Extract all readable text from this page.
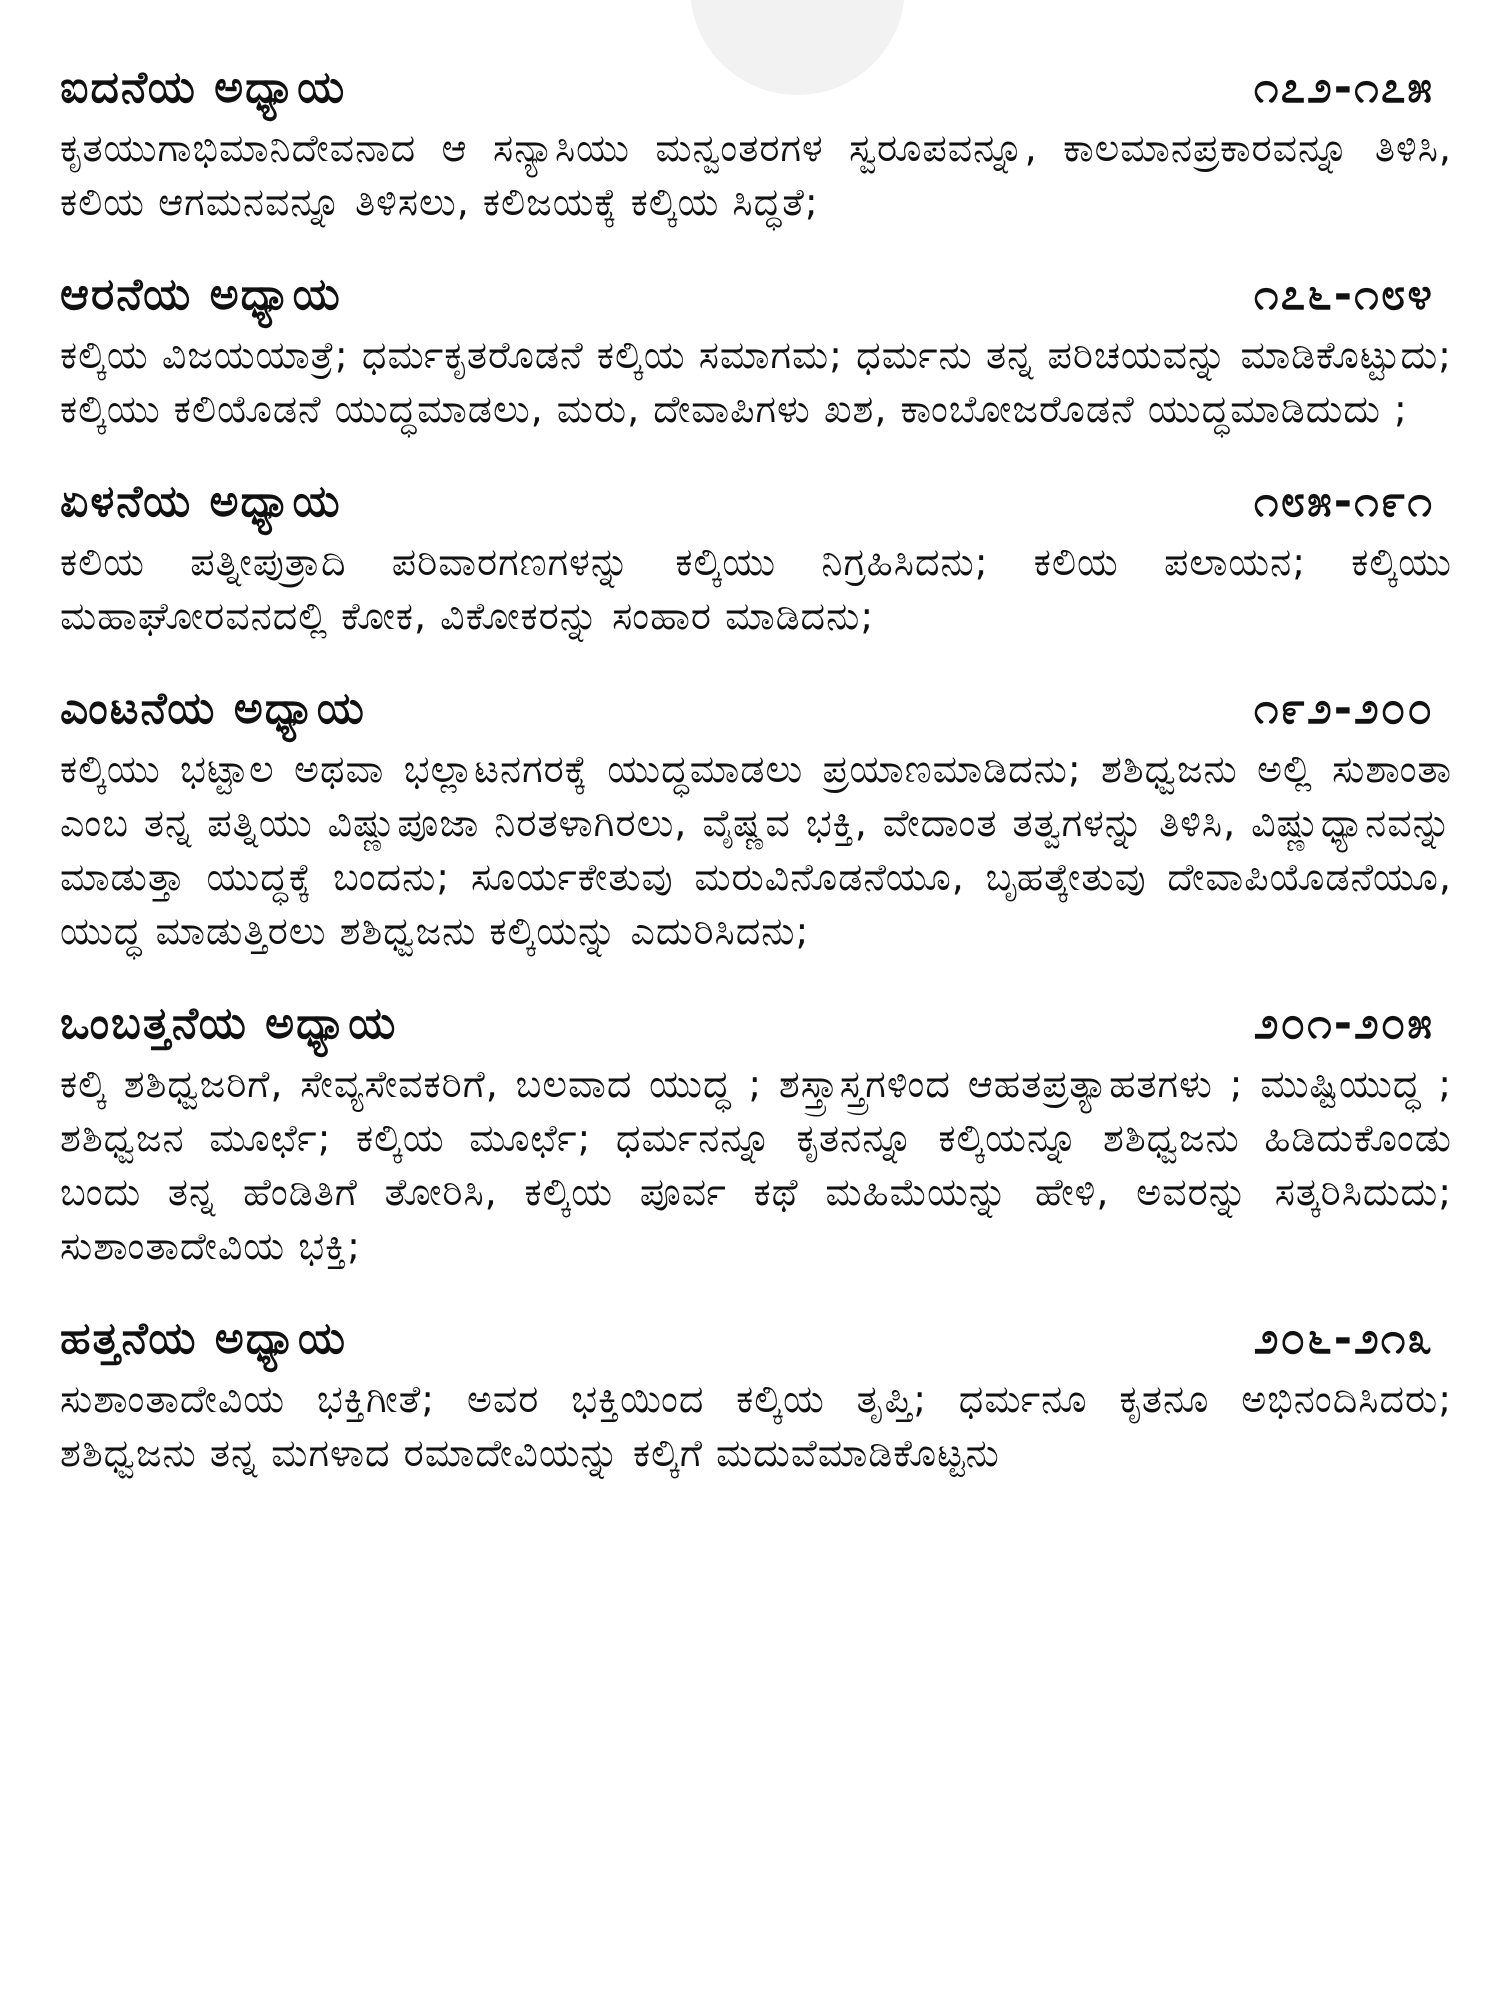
ಐದನೆಯ ಅಧ್ಯಾಯ	೧೭೨-೧೭೫

ಕೃತಯುಗಾಭಿಮಾನಿದೇವನಾದ ಆ ಸನ್ಯಾಸಿಯು ಮನ್ವಂತರಗಳ ಸ್ವರೂಪವನ್ನೂ, ಕಾಲಮಾನಪ್ರಕಾರವನ್ನೂ ತಿಳಿಸಿ, ಕಲಿಯ ಆಗಮನವನ್ನೂ ತಿಳಿಸಲು, ಕಲಿಜಯಕ್ಕೆ ಕಲ್ಕಿಯ ಸಿದ್ಧತೆ;

ಆರನೆಯ ಅಧ್ಯಾಯ	೧೭೬-೧೮೪

ಕಲ್ಕಿಯ ವಿಜಯಯಾತ್ರೆ; ಧರ್ಮಕೃತರೊಡನೆ ಕಲ್ಕಿಯ ಸಮಾಗಮ; ಧರ್ಮನು ತನ್ನ ಪರಿಚಯವನ್ನು ಮಾಡಿಕೊಟ್ಟುದು; ಕಲ್ಕಿಯು ಕಲಿಯೊಡನೆ ಯುದ್ಧಮಾಡಲು, ಮರು, ದೇವಾಪಿಗಳು ಖಶ, ಕಾಂಬೋಜರೊಡನೆ ಯುದ್ಧಮಾಡಿದುದು ;

ಏಳನೆಯ ಅಧ್ಯಾಯ	೧೮೫-೧೯೧

ಕಲಿಯ ಪತ್ನೀಪುತ್ರಾದಿ ಪರಿವಾರಗಣಗಳನ್ನು ಕಲ್ಕಿಯು ನಿಗ್ರಹಿಸಿದನು; ಕಲಿಯ ಪಲಾಯನ; ಕಲ್ಕಿಯು ಮಹಾಘೋರವನದಲ್ಲಿ ಕೋಕ, ವಿಕೋಕರನ್ನು ಸಂಹಾರ ಮಾಡಿದನು;

ಎಂಟನೆಯ ಅಧ್ಯಾಯ	೧೯೨-೨೦೦

ಕಲ್ಕಿಯು ಭಟ್ಟಾಲ ಅಥವಾ ಭಲ್ಲಾಟನಗರಕ್ಕೆ ಯುದ್ಧಮಾಡಲು ಪ್ರಯಾಣಮಾಡಿದನು; ಶಶಿಧ್ವಜನು ಅಲ್ಲಿ ಸುಶಾಂತಾ ಎಂಬ ತನ್ನ ಪತ್ನಿಯು ವಿಷ್ಣುಪೂಜಾ ನಿರತಳಾಗಿರಲು, ವೈಷ್ಣವ ಭಕ್ತಿ, ವೇದಾಂತ ತತ್ವಗಳನ್ನು ತಿಳಿಸಿ, ವಿಷ್ಣುಧ್ಯಾನವನ್ನು ಮಾಡುತ್ತಾ ಯುದ್ಧಕ್ಕೆ ಬಂದನು; ಸೂರ್ಯಕೇತುವು ಮರುವಿನೊಡನೆಯೂ, ಬೃಹತ್ಕೇತುವು ದೇವಾಪಿಯೊಡನೆಯೂ, ಯುದ್ಧ ಮಾಡುತ್ತಿರಲು ಶಶಿಧ್ವಜನು ಕಲ್ಕಿಯನ್ನು ಎದುರಿಸಿದನು;

ಒಂಬತ್ತನೆಯ ಅಧ್ಯಾಯ	೨೦೧-೨೦೫

ಕಲ್ಕಿ ಶಶಿಧ್ವಜರಿಗೆ, ಸೇವ್ಯಸೇವಕರಿಗೆ, ಬಲವಾದ ಯುದ್ಧ ; ಶಸ್ತ್ರಾಸ್ತ್ರಗಳಿಂದ ಆಹತಪ್ರತ್ಯಾಹತಗಳು ; ಮುಷ್ಟಿಯುದ್ಧ ; ಶಶಿಧ್ವಜನ ಮೂರ್ಛೆ; ಕಲ್ಕಿಯ ಮೂರ್ಛೆ; ಧರ್ಮನನ್ನೂ ಕೃತನನ್ನೂ ಕಲ್ಕಿಯನ್ನೂ ಶಶಿಧ್ವಜನು ಹಿಡಿದುಕೊಂಡು ಬಂದು ತನ್ನ ಹೆಂಡಿತಿಗೆ ತೋರಿಸಿ, ಕಲ್ಕಿಯ ಪೂರ್ವ ಕಥೆ ಮಹಿಮೆಯನ್ನು ಹೇಳಿ, ಅವರನ್ನು ಸತ್ಕರಿಸಿದುದು; ಸುಶಾಂತಾದೇವಿಯ ಭಕ್ತಿ;

ಹತ್ತನೆಯ ಅಧ್ಯಾಯ	೨೦೬-೨೧೩

ಸುಶಾಂತಾದೇವಿಯ ಭಕ್ತಿಗೀತೆ; ಅವರ ಭಕ್ತಿಯಿಂದ ಕಲ್ಕಿಯ ತೃಪ್ತಿ; ಧರ್ಮನೂ ಕೃತನೂ ಅಭಿನಂದಿಸಿದರು; ಶಶಿಧ್ವಜನು ತನ್ನ ಮಗಳಾದ ರಮಾದೇವಿಯನ್ನು ಕಲ್ಕಿಗೆ ಮದುವೆಮಾಡಿಕೊಟ್ಟನು
